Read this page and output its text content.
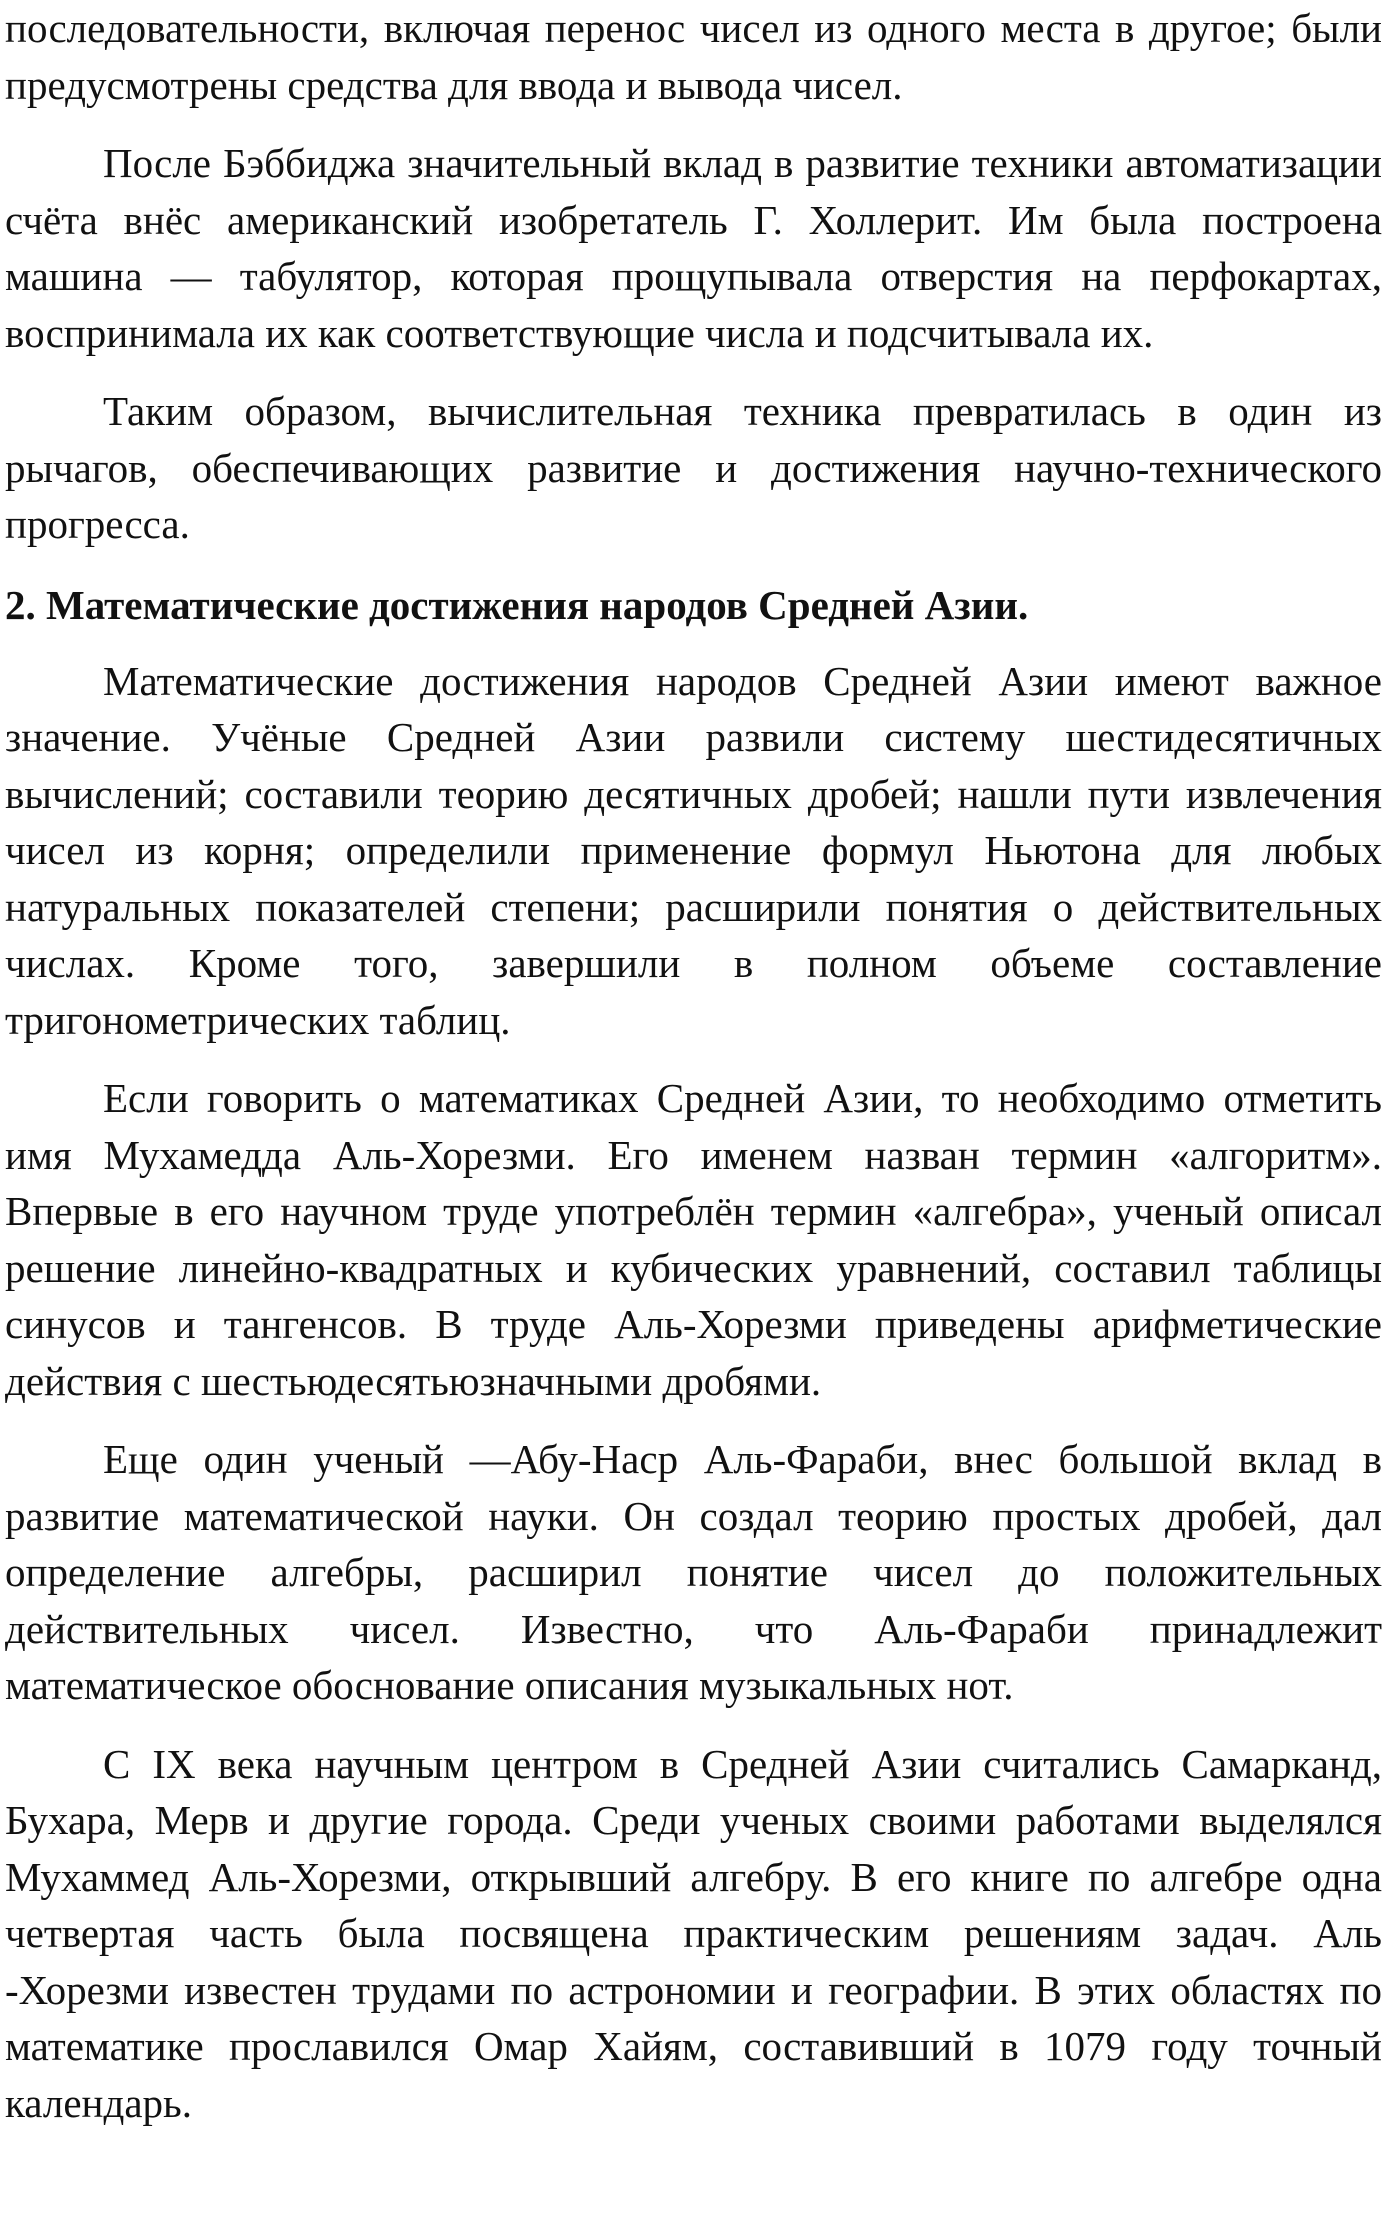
последовательности, включая перенос чисел из одного места в другое; были предусмотрены средства для ввода и вывода чисел.

После Бэббиджа значительный вклад в развитие техники автоматизации счёта внёс американский изобретатель Г. Холлерит. Им была построена машина — табулятор, которая прощупывала отверстия на перфокартах, воспринимала их как соответствующие числа и подсчитывала их.

Таким образом, вычислительная техника превратилась в один из рычагов, обеспечивающих развитие и достижения научно-технического прогресса.

2. Математические достижения народов Средней Азии.

Математические достижения народов Средней Азии имеют важное значение. Учёные Средней Азии развили систему шестидесятичных вычислений; составили теорию десятичных дробей; нашли пути извлечения чисел из корня; определили применение формул Ньютона для любых натуральных показателей степени; расширили понятия о действительных числах. Кроме того, завершили в полном объеме составление тригонометрических таблиц.

Если говорить о математиках Средней Азии, то необходимо отметить имя Мухамедда Аль-Хорезми. Его именем назван термин «алгоритм». Впервые в его научном труде употреблён термин «алгебра», ученый описал решение линейно-квадратных и кубических уравнений, составил таблицы синусов и тангенсов. В труде Аль-Хорезми приведены арифметические действия с шестьюдесятьюзначными дробями.

Еще один ученый —Абу-Наср Аль-Фараби, внес большой вклад в развитие математической науки. Он создал теорию простых дробей, дал определение алгебры, расширил понятие чисел до положительных действительных чисел. Известно, что Аль-Фараби принадлежит математическое обоснование описания музыкальных нот.

С IX века научным центром в Средней Азии считались Самарканд, Бухара, Мерв и другие города. Среди ученых своими работами выделялся Мухаммед Аль-Хорезми, открывший алгебру. В его книге по алгебре одна четвертая часть была посвящена практическим решениям задач. Аль -Хорезми известен трудами по астрономии и географии. В этих областях по математике прославился Омар Хайям, составивший в 1079 году точный календарь.
